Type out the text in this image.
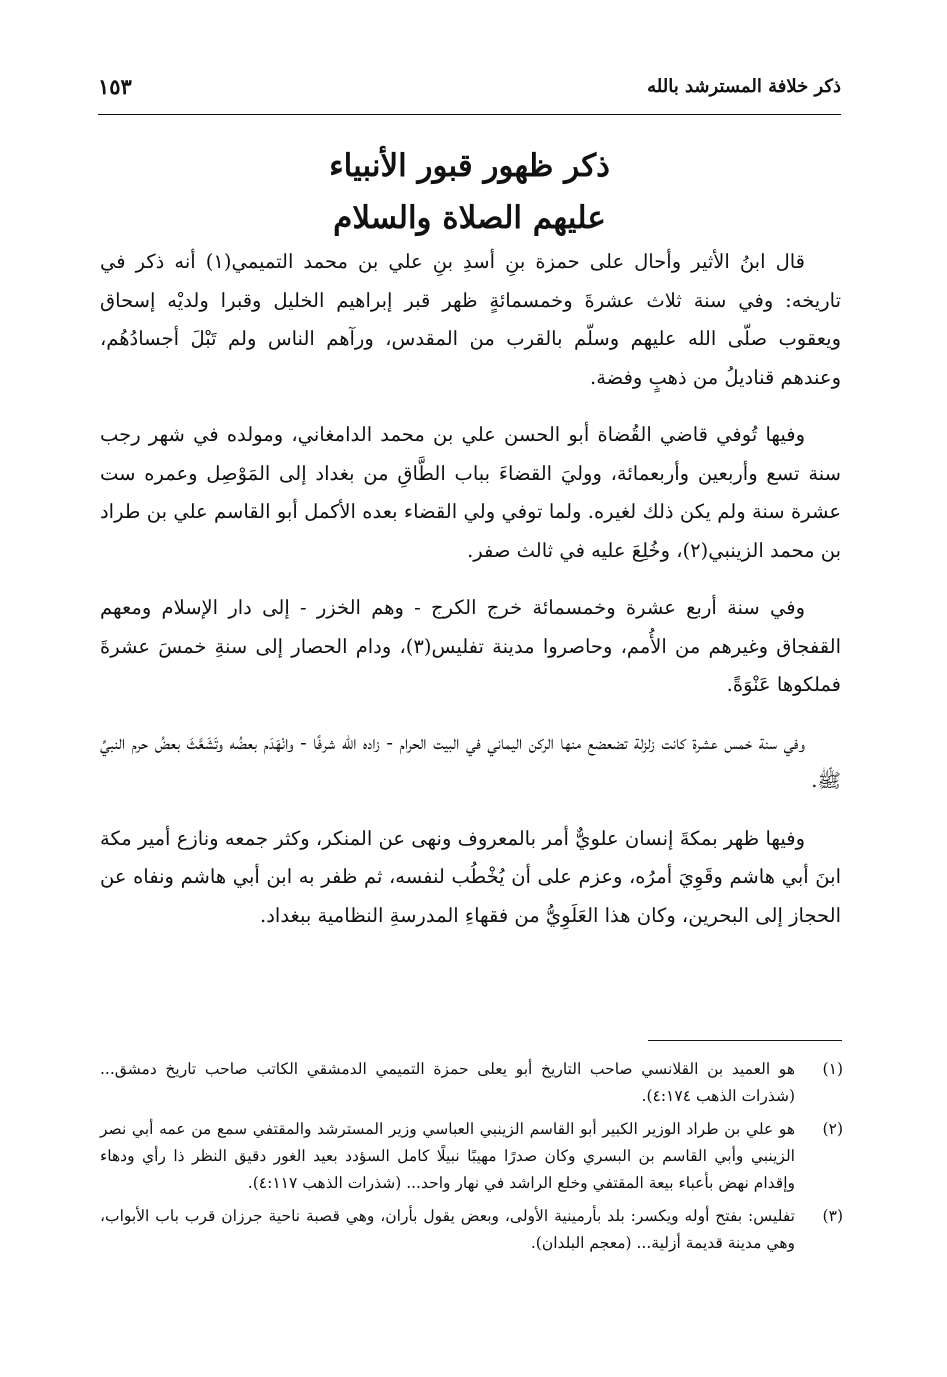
ذكر خلافة المسترشد بالله
١٥٣
ذكر ظهور قبور الأنبياء
عليهم الصلاة والسلام

قال ابنُ الأثير وأحال على حمزة بنِ أسدِ بنِ علي بن محمد التميمي(١) أنه ذكر في تاريخه: وفي سنة ثلاث عشرةَ وخمسمائةٍ ظهر قبر إبراهيم الخليل وقبرا ولديْه إسحاق ويعقوب صلّى الله عليهم وسلّم بالقرب من المقدس، ورآهم الناس ولم تَبْلَ أجسادُهُم، وعندهم قناديلُ من ذهبٍ وفضة.

وفيها تُوفي قاضي القُضاة أبو الحسن علي بن محمد الدامغاني، ومولده في شهر رجب سنة تسع وأربعين وأربعمائة، ووليَ القضاءَ بباب الطَّاقِ من بغداد إلى المَوْصِل وعمره ست عشرة سنة ولم يكن ذلك لغيره. ولما توفي ولي القضاء بعده الأكمل أبو القاسم علي بن طراد بن محمد الزينبي(٢)، وخُلِعَ عليه في ثالث صفر.

وفي سنة أربع عشرة وخمسمائة خرج الكرج - وهم الخزر - إلى دار الإسلام ومعهم القفجاق وغيرهم من الأُمم، وحاصروا مدينة تفليس(٣)، ودام الحصار إلى سنةِ خمسَ عشرةَ فملكوها عَنْوَةً.

وفي سنة خمس عشرة كانت زلزلة تضعضع منها الركن اليماني في البيت الحرام - زاده الله شرفًا - وانْهَدَم بعضُه وتَشَعَّثَ بعضُ حرم النبيِّ ﷺ.

وفيها ظهر بمكةَ إنسان علويٌّ أمر بالمعروف ونهى عن المنكر، وكثر جمعه ونازع أمير مكة ابنَ أبي هاشم وقَوِيَ أمرُه، وعزم على أن يُخْطُب لنفسه، ثم ظفر به ابن أبي هاشم ونفاه عن الحجاز إلى البحرين، وكان هذا العَلَوِيُّ من فقهاءِ المدرسةِ النظامية ببغداد.

(١)
هو العميد بن القلانسي صاحب التاريخ أبو يعلى حمزة التميمي الدمشقي الكاتب صاحب تاريخ دمشق... (شذرات الذهب ٤:١٧٤).
(٢)
هو علي بن طراد الوزير الكبير أبو القاسم الزينبي العباسي وزير المسترشد والمقتفي سمع من عمه أبي نصر الزينبي وأبي القاسم بن البسري وكان صدرًا مهيبًا نبيلًا كامل السؤدد بعيد الغور دقيق النظر ذا رأي ودهاء وإقدام نهض بأعباء بيعة المقتفي وخلع الراشد في نهار واحد... (شذرات الذهب ٤:١١٧).
(٣)
تفليس: بفتح أوله ويكسر: بلد بأرمينية الأولى، وبعض يقول بأران، وهي قصبة ناحية جرزان قرب باب الأبواب، وهي مدينة قديمة أزلية... (معجم البلدان).
